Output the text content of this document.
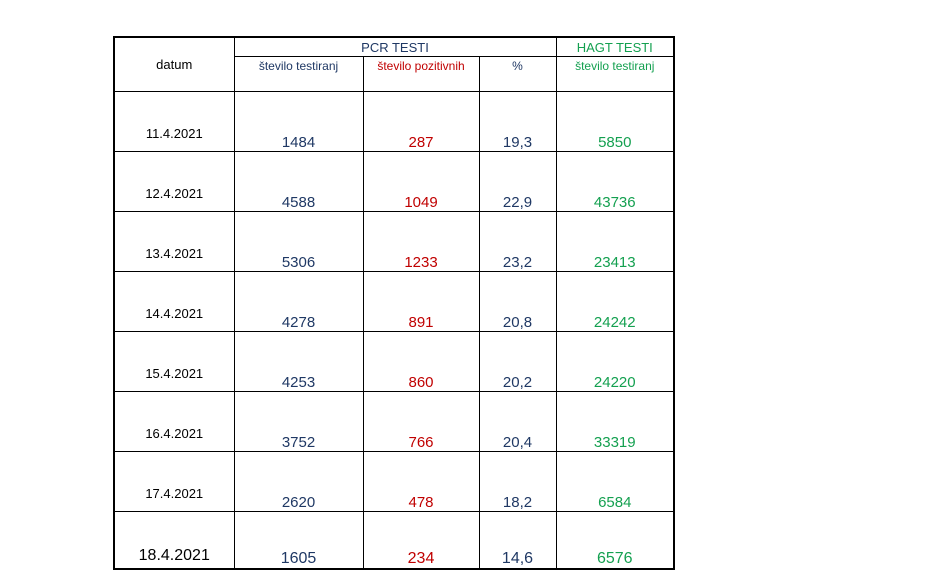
datum	PCR TESTI			HAGT TESTI
	število testiranj	število pozitivnih	%	število testiranj
11.4.2021	1484	287	19,3	5850
12.4.2021	4588	1049	22,9	43736
13.4.2021	5306	1233	23,2	23413
14.4.2021	4278	891	20,8	24242
15.4.2021	4253	860	20,2	24220
16.4.2021	3752	766	20,4	33319
17.4.2021	2620	478	18,2	6584
18.4.2021	1605	234	14,6	6576
